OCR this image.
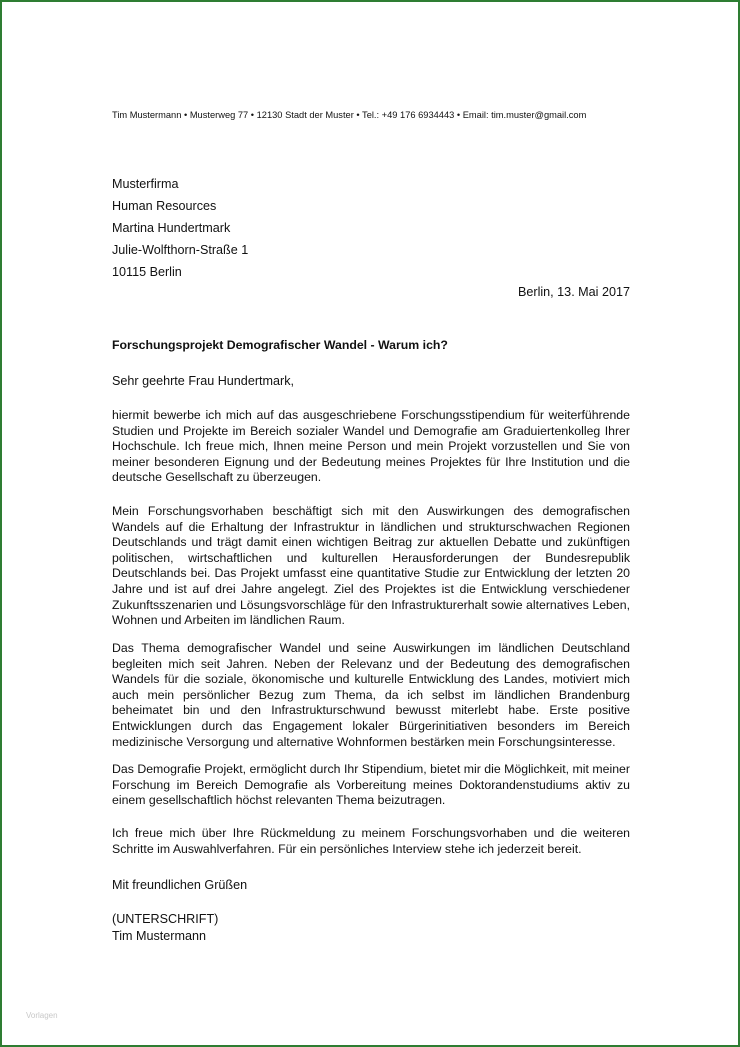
Tim Mustermann • Musterweg 77 • 12130 Stadt der Muster • Tel.: +49 176 6934443 • Email: tim.muster@gmail.com
Musterfirma
Human Resources
Martina Hundertmark
Julie-Wolfthorn-Straße 1
10115 Berlin
Berlin, 13. Mai 2017
Forschungsprojekt Demografischer Wandel - Warum ich?
Sehr geehrte Frau Hundertmark,

hiermit bewerbe ich mich auf das ausgeschriebene Forschungsstipendium für weiterführende Studien und Projekte im Bereich sozialer Wandel und Demografie am Graduiertenkolleg Ihrer Hochschule. Ich freue mich, Ihnen meine Person und mein Projekt vorzustellen und Sie von meiner besonderen Eignung und der Bedeutung meines Projektes für Ihre Institution und die deutsche Gesellschaft zu überzeugen.

Mein Forschungsvorhaben beschäftigt sich mit den Auswirkungen des demografischen Wandels auf die Erhaltung der Infrastruktur in ländlichen und strukturschwachen Regionen Deutschlands und trägt damit einen wichtigen Beitrag zur aktuellen Debatte und zukünftigen politischen, wirtschaftlichen und kulturellen Herausforderungen der Bundesrepublik Deutschlands bei. Das Projekt umfasst eine quantitative Studie zur Entwicklung der letzten 20 Jahre und ist auf drei Jahre angelegt. Ziel des Projektes ist die Entwicklung verschiedener Zukunftsszenarien und Lösungsvorschläge für den Infrastrukturerhalt sowie alternatives Leben, Wohnen und Arbeiten im ländlichen Raum.

Das Thema demografischer Wandel und seine Auswirkungen im ländlichen Deutschland begleiten mich seit Jahren. Neben der Relevanz und der Bedeutung des demografischen Wandels für die soziale, ökonomische und kulturelle Entwicklung des Landes, motiviert mich auch mein persönlicher Bezug zum Thema, da ich selbst im ländlichen Brandenburg beheimatet bin und den Infrastrukturschwund bewusst miterlebt habe. Erste positive Entwicklungen durch das Engagement lokaler Bürgerinitiativen besonders im Bereich medizinische Versorgung und alternative Wohnformen bestärken mein Forschungsinteresse.

Das Demografie Projekt, ermöglicht durch Ihr Stipendium, bietet mir die Möglichkeit, mit meiner Forschung im Bereich Demografie als Vorbereitung meines Doktorandenstudiums aktiv zu einem gesellschaftlich höchst relevanten Thema beizutragen.

Ich freue mich über Ihre Rückmeldung zu meinem Forschungsvorhaben und die weiteren Schritte im Auswahlverfahren. Für ein persönliches Interview stehe ich jederzeit bereit.

Mit freundlichen Grüßen
(UNTERSCHRIFT)
Tim Mustermann
Vorlagen
